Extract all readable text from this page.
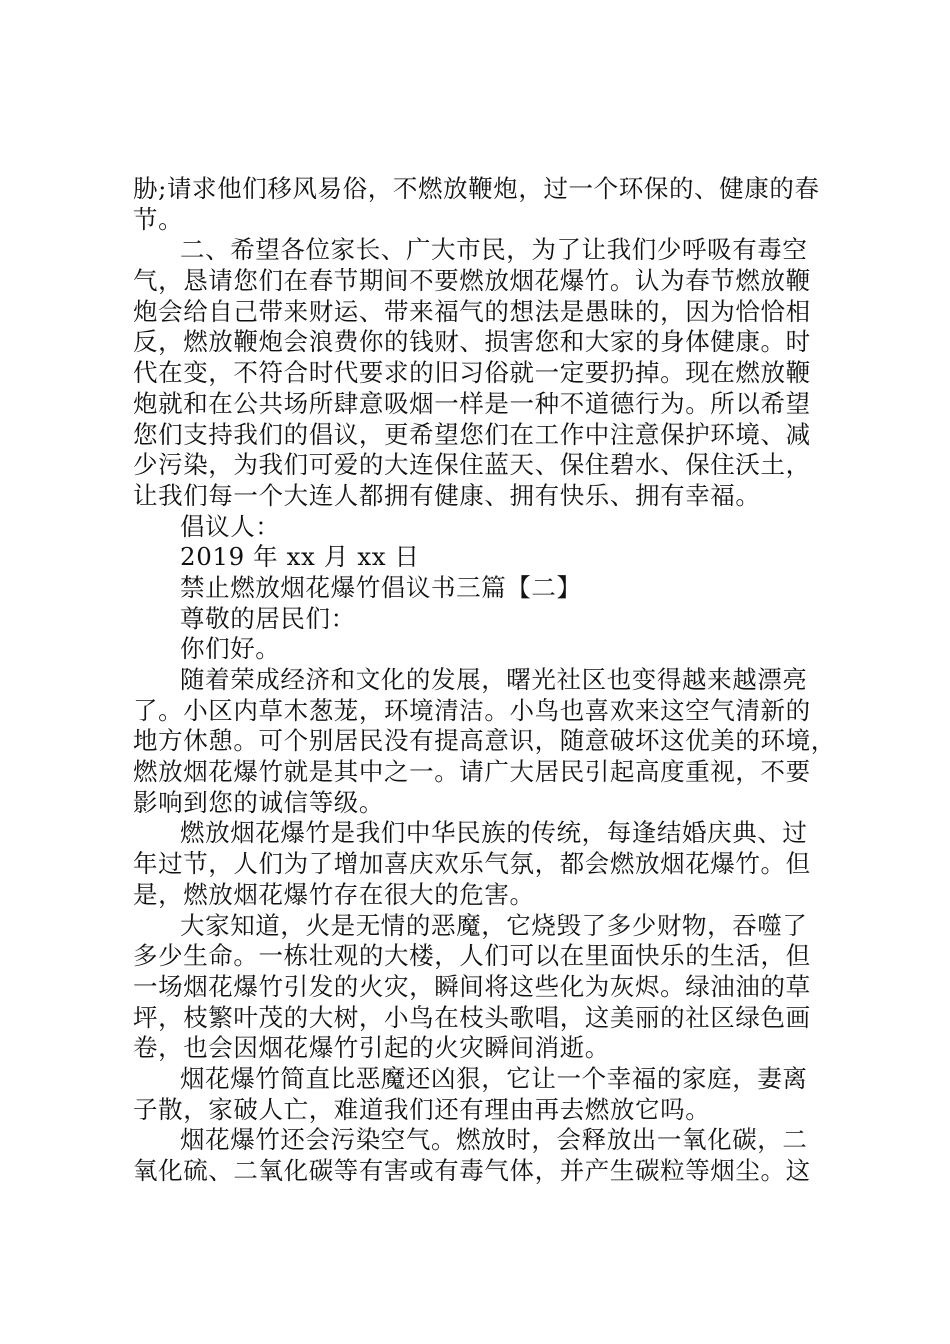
胁;请求他们移风易俗，不燃放鞭炮，过一个环保的、健康的春
节。
二、希望各位家长、广大市民，为了让我们少呼吸有毒空
气，恳请您们在春节期间不要燃放烟花爆竹。认为春节燃放鞭
炮会给自己带来财运、带来福气的想法是愚昧的，因为恰恰相
反，燃放鞭炮会浪费你的钱财、损害您和大家的身体健康。时
代在变，不符合时代要求的旧习俗就一定要扔掉。现在燃放鞭
炮就和在公共场所肆意吸烟一样是一种不道德行为。所以希望
您们支持我们的倡议，更希望您们在工作中注意保护环境、减
少污染，为我们可爱的大连保住蓝天、保住碧水、保住沃土，
让我们每一个大连人都拥有健康、拥有快乐、拥有幸福。
倡议人：
2019 年 xx 月 xx 日
禁止燃放烟花爆竹倡议书三篇【二】
尊敬的居民们：
你们好。
随着荣成经济和文化的发展，曙光社区也变得越来越漂亮
了。小区内草木葱茏，环境清洁。小鸟也喜欢来这空气清新的
地方休憩。可个别居民没有提高意识，随意破坏这优美的环境，
燃放烟花爆竹就是其中之一。请广大居民引起高度重视，不要
影响到您的诚信等级。
燃放烟花爆竹是我们中华民族的传统，每逢结婚庆典、过
年过节，人们为了增加喜庆欢乐气氛，都会燃放烟花爆竹。但
是，燃放烟花爆竹存在很大的危害。
大家知道，火是无情的恶魔，它烧毁了多少财物，吞噬了
多少生命。一栋壮观的大楼，人们可以在里面快乐的生活，但
一场烟花爆竹引发的火灾，瞬间将这些化为灰烬。绿油油的草
坪，枝繁叶茂的大树，小鸟在枝头歌唱，这美丽的社区绿色画
卷，也会因烟花爆竹引起的火灾瞬间消逝。
烟花爆竹简直比恶魔还凶狠，它让一个幸福的家庭，妻离
子散，家破人亡，难道我们还有理由再去燃放它吗。
烟花爆竹还会污染空气。燃放时，会释放出一氧化碳，二
氧化硫、二氧化碳等有害或有毒气体，并产生碳粒等烟尘。这
